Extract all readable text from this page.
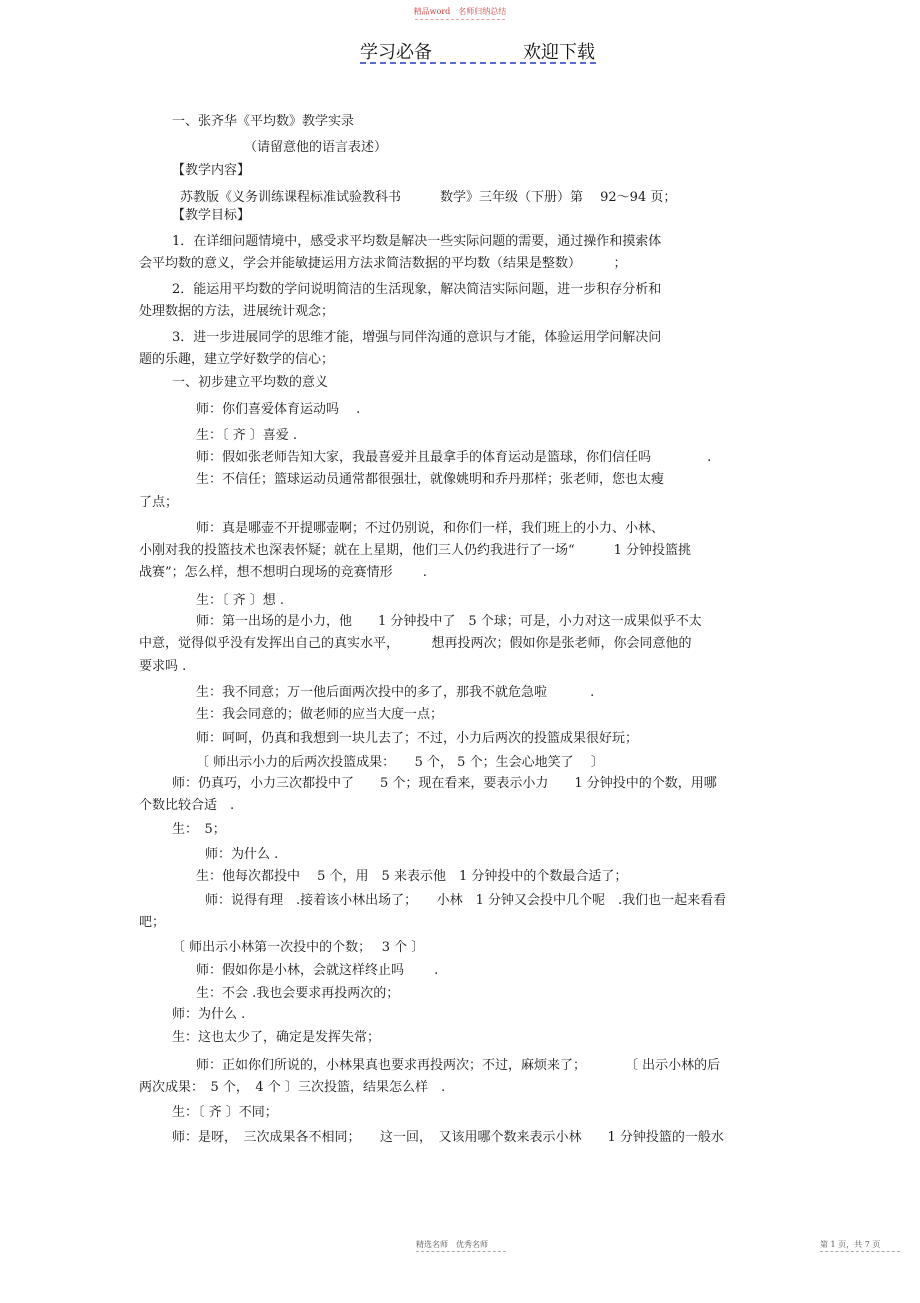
精品word　名师归纳总结
学习必备	欢迎下载
一、张齐华《平均数》教学实录
（请留意他的语言表述）
【教学内容】
苏教版《义务训练课程标准试验教科书　　　数学》三年级（下册）第　 92～94 页；
【教学目标】
1．在详细问题情境中，感受求平均数是解决一些实际问题的需要，通过操作和摸索体
会平均数的意义，学会并能敏捷运用方法求简洁数据的平均数（结果是整数）　　　；
2．能运用平均数的学问说明简洁的生活现象，解决简洁实际问题，进一步积存分析和
处理数据的方法，进展统计观念；
3．进一步进展同学的思维才能，增强与同伴沟通的意识与才能，体验运用学问解决问
题的乐趣，建立学好数学的信心；
一、初步建立平均数的意义
师：你们喜爱体育运动吗　 .
生：〔 齐 〕喜爱 .
师：假如张老师告知大家，我最喜爱并且最拿手的体育运动是篮球，你们信任吗　　　　 .
生：不信任；篮球运动员通常都很强壮，就像姚明和乔丹那样；张老师，您也太瘦
了点；
师：真是哪壶不开提哪壶啊；不过仍别说，和你们一样，我们班上的小力、小林、
小刚对我的投篮技术也深表怀疑；就在上星期，他们三人仍约我进行了一场“　　　1 分钟投篮挑
战赛”；怎么样，想不想明白现场的竞赛情形　　 .
生：〔 齐 〕想 .
师：第一出场的是小力，他　　1 分钟投中了　5 个球；可是，小力对这一成果似乎不太
中意，觉得似乎没有发挥出自己的真实水平，　　　想再投两次；假如你是张老师，你会同意他的
要求吗 .
生：我不同意；万一他后面两次投中的多了，那我不就危急啦　　　 .
生：我会同意的；做老师的应当大度一点；
师：呵呵，仍真和我想到一块儿去了；不过，小力后两次的投篮成果很好玩；
〔 师出示小力的后两次投篮成果：　　5 个， 5 个；生会心地笑了　 〕
师：仍真巧，小力三次都投中了　　5 个；现在看来，要表示小力　　1 分钟投中的个数，用哪
个数比较合适　.
生：　5；
师：为什么 .
生：他每次都投中　 5 个，用　5 来表示他　1 分钟投中的个数最合适了；
师：说得有理　.接着该小林出场了；　　小林　1 分钟又会投中几个呢　.我们也一起来看看
吧；
〔 师出示小林第一次投中的个数；　 3 个 〕
师：假如你是小林，会就这样终止吗　　 .
生：不会 .我也会要求再投两次的；
师：为什么 .
生：这也太少了，确定是发挥失常；
师：正如你们所说的，小林果真也要求再投两次；不过，麻烦来了；　　　　〔 出示小林的后
两次成果：　5 个，　4 个 〕三次投篮，结果怎么样　.
生：〔 齐 〕不同；
师：是呀，　三次成果各不相同；　　这一回，　又该用哪个数来表示小林　　1 分钟投篮的一般水
精选名师　优秀名师	第 1 页，共 7 页
